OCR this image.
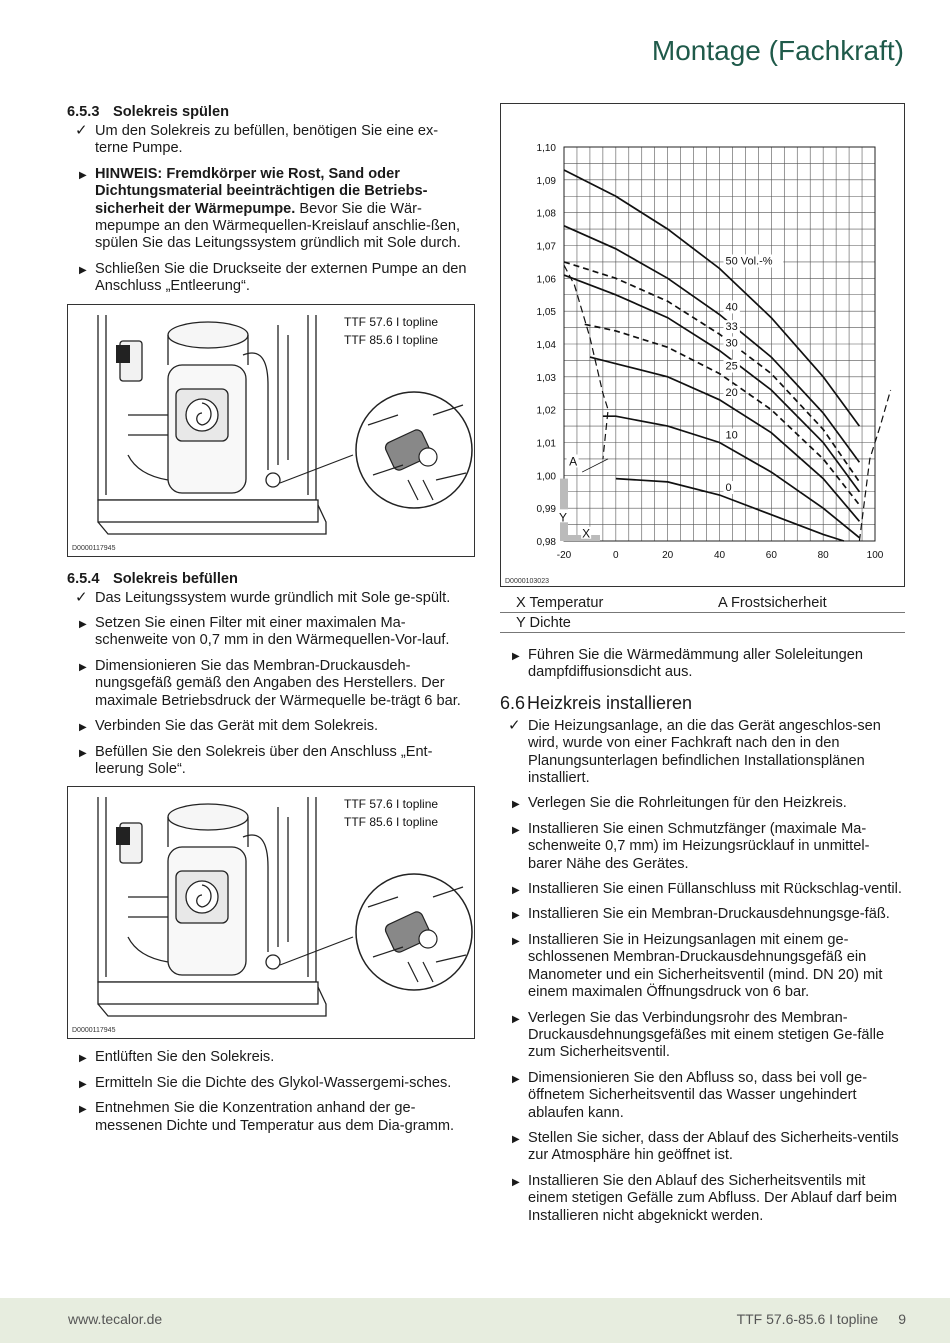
Montage (Fachkraft)
6.5.3 Solekreis spülen
✓ Um den Solekreis zu befüllen, benötigen Sie eine ex-terne Pumpe.
▶ HINWEIS: Fremdkörper wie Rost, Sand oder Dichtungsmaterial beeinträchtigen die Betriebs-sicherheit der Wärmepumpe. Bevor Sie die Wär-mepumpe an den Wärmequellen-Kreislauf anschlie-ßen, spülen Sie das Leitungssystem gründlich mit Sole durch.
▶ Schließen Sie die Druckseite der externen Pumpe an den Anschluss „Entleerung“.
TTF 57.6 I topline
TTF 85.6 I topline
D0000117945
6.5.4 Solekreis befüllen
✓ Das Leitungssystem wurde gründlich mit Sole ge-spült.
▶ Setzen Sie einen Filter mit einer maximalen Ma-schenweite von 0,7 mm in den Wärmequellen-Vor-lauf.
▶ Dimensionieren Sie das Membran-Druckausdeh-nungsgefäß gemäß den Angaben des Herstellers. Der maximale Betriebsdruck der Wärmequelle be-trägt 6 bar.
▶ Verbinden Sie das Gerät mit dem Solekreis.
▶ Befüllen Sie den Solekreis über den Anschluss „Ent-leerung Sole“.
TTF 57.6 I topline
TTF 85.6 I topline
D0000117945
▶ Entlüften Sie den Solekreis.
▶ Ermitteln Sie die Dichte des Glykol-Wassergemi-sches.
▶ Entnehmen Sie die Konzentration anhand der ge-messenen Dichte und Temperatur aus dem Dia-gramm.
1,10
1,09
1,08
1,07
1,06
1,05
1,04
1,03
1,02
1,01
1,00
0,99
0,98
-20	0	20	40	60	80	100
50 Vol.-%
40
33
30
25
20
10
0
A
Y
X
D0000103023
X Temperatur	A Frostsicherheit
Y Dichte
▶ Führen Sie die Wärmedämmung aller Soleleitungen dampfdiffusionsdicht aus.
6.6 Heizkreis installieren
✓ Die Heizungsanlage, an die das Gerät angeschlos-sen wird, wurde von einer Fachkraft nach den in den Planungsunterlagen befindlichen Installationsplänen installiert.
▶ Verlegen Sie die Rohrleitungen für den Heizkreis.
▶ Installieren Sie einen Schmutzfänger (maximale Ma-schenweite 0,7 mm) im Heizungsrücklauf in unmittel-barer Nähe des Gerätes.
▶ Installieren Sie einen Füllanschluss mit Rückschlag-ventil.
▶ Installieren Sie ein Membran-Druckausdehnungsge-fäß.
▶ Installieren Sie in Heizungsanlagen mit einem ge-schlossenen Membran-Druckausdehnungsgefäß ein Manometer und ein Sicherheitsventil (mind. DN 20) mit einem maximalen Öffnungsdruck von 6 bar.
▶ Verlegen Sie das Verbindungsrohr des Membran-Druckausdehnungsgefäßes mit einem stetigen Ge-fälle zum Sicherheitsventil.
▶ Dimensionieren Sie den Abfluss so, dass bei voll ge-öffnetem Sicherheitsventil das Wasser ungehindert ablaufen kann.
▶ Stellen Sie sicher, dass der Ablauf des Sicherheits-ventils zur Atmosphäre hin geöffnet ist.
▶ Installieren Sie den Ablauf des Sicherheitsventils mit einem stetigen Gefälle zum Abfluss. Der Ablauf darf beim Installieren nicht abgeknickt werden.
www.tecalor.de	TTF 57.6-85.6 I topline 9
